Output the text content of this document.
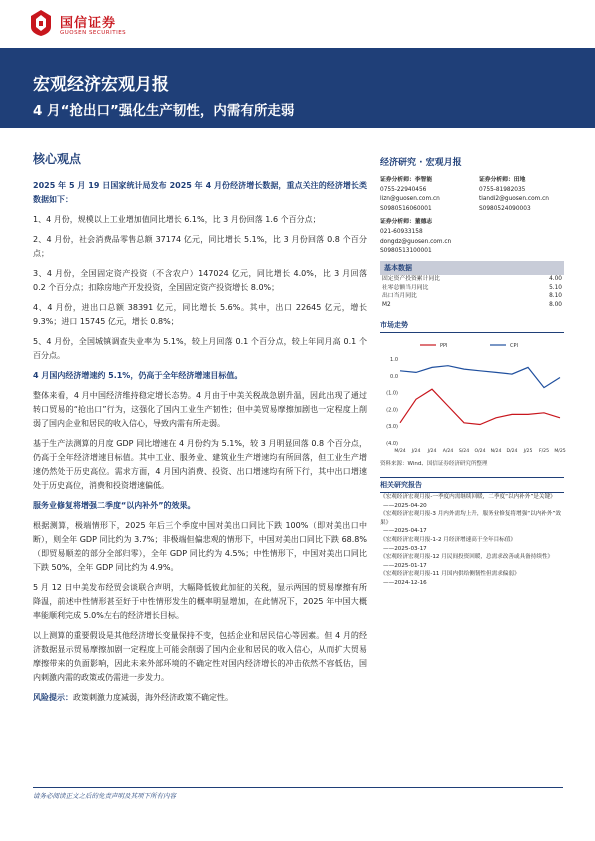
国信证券
GUOSEN SECURITIES
宏观经济宏观月报
4 月“抢出口”强化生产韧性，内需有所走弱
核心观点
2025 年 5 月 19 日国家统计局发布 2025 年 4 月份经济增长数据，重点关注的经济增长类数据如下：
1、4 月份，规模以上工业增加值同比增长 6.1%，比 3 月份回落 1.6 个百分点；
2、4 月份，社会消费品零售总额 37174 亿元，同比增长 5.1%，比 3 月份回落 0.8 个百分点；
3、4 月份，全国固定资产投资（不含农户）147024 亿元，同比增长 4.0%，比 3 月回落 0.2 个百分点；扣除房地产开发投资，全国固定资产投资增长 8.0%；
4、4 月份，进出口总额 38391 亿元，同比增长 5.6%。其中，出口 22645 亿元，增长 9.3%；进口 15745 亿元，增长 0.8%；
5、4 月份，全国城镇调查失业率为 5.1%，较上月回落 0.1 个百分点，较上年同月高 0.1 个百分点。
4 月国内经济增速约 5.1%，仍高于全年经济增速目标值。
整体来看，4 月中国经济维持稳定增长态势。4 月由于中美关税战急剧升温，因此出现了通过转口贸易的“抢出口”行为，这强化了国内工业生产韧性；但中美贸易摩擦加剧也一定程度上削弱了国内企业和居民的收入信心，导致内需有所走弱。
基于生产法测算的月度 GDP 同比增速在 4 月份约为 5.1%，较 3 月明显回落 0.8 个百分点，仍高于全年经济增速目标值。其中工业、服务业、建筑业生产增速均有所回落，但工业生产增速仍然处于历史高位。需求方面，4 月国内消费、投资、出口增速均有所下行，其中出口增速处于历史高位，消费和投资增速偏低。
服务业修复将增强二季度“以内补外”的效果。
根据测算，极端情形下，2025 年后三个季度中国对美出口同比下跌 100%（即对美出口中断），则全年 GDP 同比约为 3.7%；非极端但偏悲观的情形下，中国对美出口同比下跌 68.8%（即贸易顺差的部分全部归零），全年 GDP 同比约为 4.5%；中性情形下，中国对美出口同比下跌 50%，全年 GDP 同比约为 4.9%。
5 月 12 日中美发布经贸会谈联合声明，大幅降低彼此加征的关税，显示两国的贸易摩擦有所降温，前述中性情形甚至好于中性情形发生的概率明显增加，在此情况下，2025 年中国大概率能顺利完成 5.0%左右的经济增长目标。
以上测算的重要假设是其他经济增长变量保持不变，包括企业和居民信心等因素。但 4 月的经济数据显示贸易摩擦加剧一定程度上可能会削弱了国内企业和居民的收入信心，从而扩大贸易摩擦带来的负面影响，因此未来外部环境的不确定性对国内经济增长的冲击依然不容低估，国内刺激内需的政策或仍需进一步发力。
风险提示：政策刺激力度减弱，海外经济政策不确定性。
经济研究 · 宏观月报
证券分析师：李智能
0755-22940456
lizn@guosen.com.cn
S0980516060001
证券分析师：田地
0755-81982035
tiandi2@guosen.com.cn
S0980524090003
证券分析师：董德志
021-60933158
dongdz@guosen.com.cn
S0980513100001
基本数据
固定资产投资累计同比	4.00
社零总额当月同比	5.10
出口当月同比	8.10
M2	8.00
市场走势
1.0
0.0
(1.0)
(2.0)
(3.0)
(4.0)
M/24 J/24 J/24 A/24 S/24 O/24 N/24 D/24 J/25 F/25 M/25
PPI	CPI
资料来源：Wind、国信证券经济研究所整理
相关研究报告
《宏观经济宏观月报-一季度内需继续回暖，二季度“以内补外”是关键》
——2025-04-20
《宏观经济宏观月报-3 月内外需均上升，服务业修复将增强“以内补外”效果》
——2025-04-17
《宏观经济宏观月报-1-2 月经济增速高于全年目标值》
——2025-03-17
《宏观经济宏观月报-12 月民间投资回暖，总需求改善或具备持续性》
——2025-01-17
《宏观经济宏观月报-11 月国内供给侧韧性但需求偏弱》
——2024-12-16
请务必阅读正文之后的免责声明及其项下所有内容
